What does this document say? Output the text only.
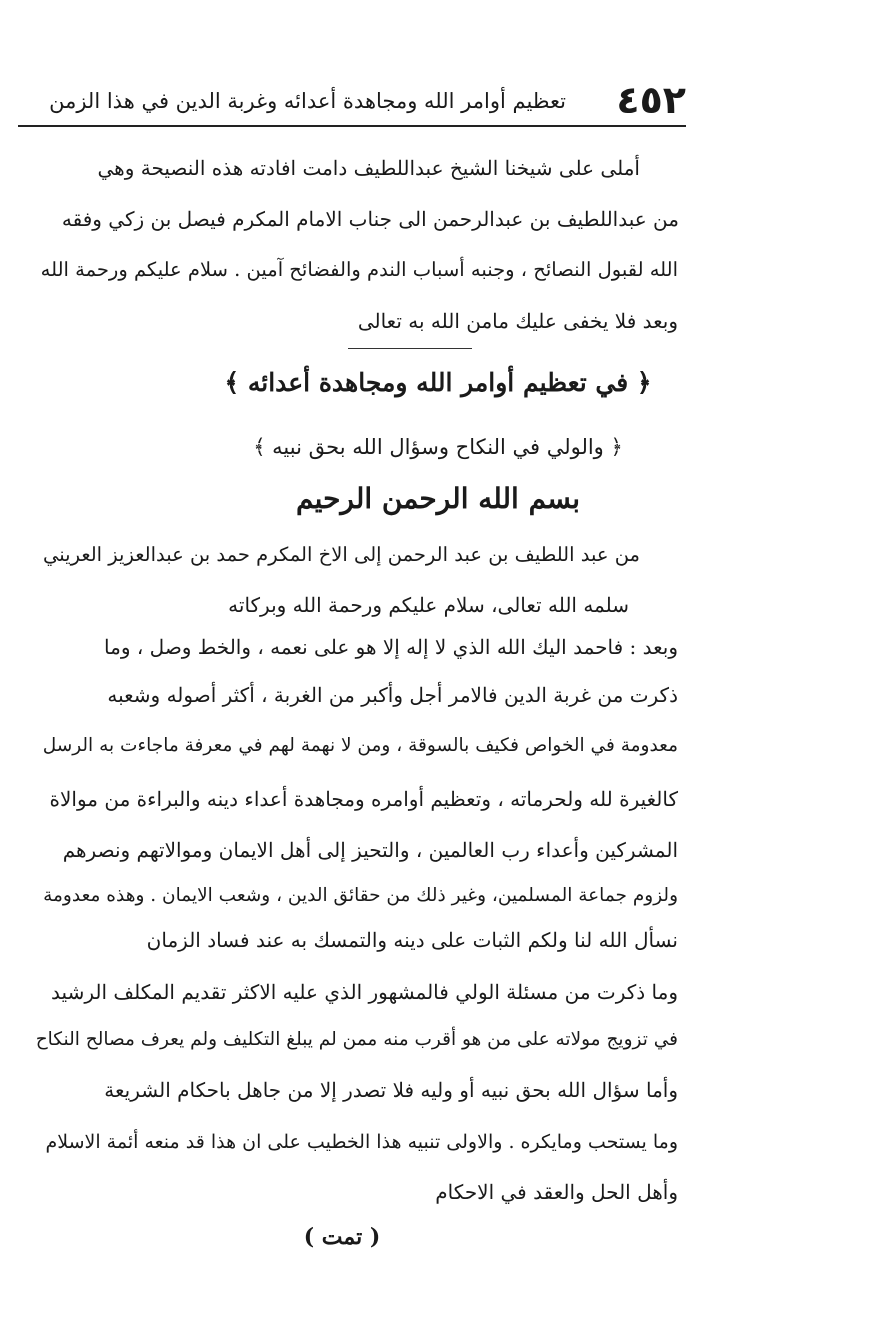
٤٥٢
تعظيم أوامر الله ومجاهدة أعدائه وغربة الدين في هذا الزمن
أملى على شيخنا الشيخ عبداللطيف دامت افادته هذه النصيحة وهي
من عبداللطيف بن عبدالرحمن الى جناب الامام المكرم فيصل بن زكي وفقه
الله لقبول النصائح ، وجنبه أسباب الندم والفضائح آمين . سلام عليكم ورحمة الله
وبعد فلا يخفى عليك مامن الله به تعالى
﴿ في تعظيم أوامر الله ومجاهدة أعدائه ﴾
﴿ والولي في النكاح وسؤال الله بحق نبيه ﴾
بسم الله الرحمن الرحيم
من عبد اللطيف بن عبد الرحمن إلى الاخ المكرم حمد بن عبدالعزيز العريني
سلمه الله تعالى، سلام عليكم ورحمة الله وبركاته
وبعد : فاحمد اليك الله الذي لا إله إلا هو على نعمه ، والخط وصل ، وما
ذكرت من غربة الدين فالامر أجل وأكبر من الغربة ، أكثر أصوله وشعبه
معدومة في الخواص فكيف بالسوقة ، ومن لا نهمة لهم في معرفة ماجاءت به الرسل
كالغيرة لله ولحرماته ، وتعظيم أوامره ومجاهدة أعداء دينه والبراءة من موالاة
المشركين وأعداء رب العالمين ، والتحيز إلى أهل الايمان وموالاتهم ونصرهم
ولزوم جماعة المسلمين، وغير ذلك من حقائق الدين ، وشعب الايمان . وهذه معدومة
نسأل الله لنا ولكم الثبات على دينه والتمسك به عند فساد الزمان
وما ذكرت من مسئلة الولي فالمشهور الذي عليه الاكثر تقديم المكلف الرشيد
في تزويج مولاته على من هو أقرب منه ممن لم يبلغ التكليف ولم يعرف مصالح النكاح
وأما سؤال الله بحق نبيه أو وليه فلا تصدر إلا من جاهل باحكام الشريعة
وما يستحب ومايكره . والاولى تنبيه هذا الخطيب على ان هذا قد منعه أئمة الاسلام
وأهل الحل والعقد في الاحكام
( تمت )
